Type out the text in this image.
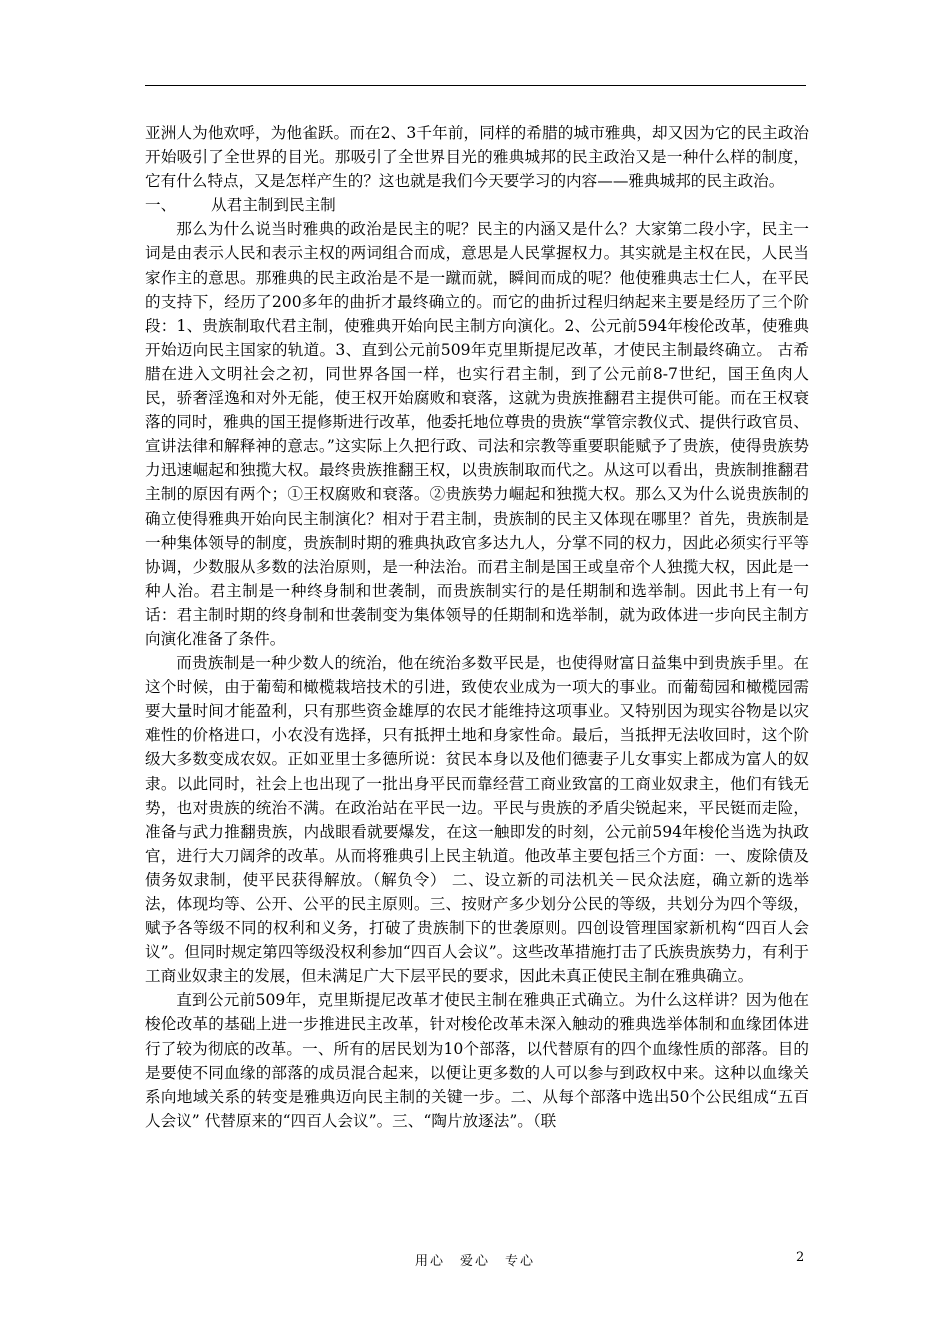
亚洲人为他欢呼，为他雀跃。而在2、3千年前，同样的希腊的城市雅典，却又因为它的民主政治开始吸引了全世界的目光。那吸引了全世界目光的雅典城邦的民主政治又是一种什么样的制度，它有什么特点，又是怎样产生的？这也就是我们今天要学习的内容——雅典城邦的民主政治。

一、 从君主制到民主制

那么为什么说当时雅典的政治是民主的呢？民主的内涵又是什么？大家第二段小字，民主一词是由表示人民和表示主权的两词组合而成，意思是人民掌握权力。其实就是主权在民，人民当家作主的意思。那雅典的民主政治是不是一蹴而就，瞬间而成的呢？他使雅典志士仁人，在平民的支持下，经历了200多年的曲折才最终确立的。而它的曲折过程归纳起来主要是经历了三个阶段：1、贵族制取代君主制，使雅典开始向民主制方向演化。2、公元前594年梭伦改革，使雅典开始迈向民主国家的轨道。3、直到公元前509年克里斯提尼改革，才使民主制最终确立。 古希腊在进入文明社会之初，同世界各国一样，也实行君主制，到了公元前8-7世纪，国王鱼肉人民，骄奢淫逸和对外无能，使王权开始腐败和衰落，这就为贵族推翻君主提供可能。而在王权衰落的同时，雅典的国王提修斯进行改革，他委托地位尊贵的贵族“掌管宗教仪式、提供行政官员、宣讲法律和解释神的意志。”这实际上久把行政、司法和宗教等重要职能赋予了贵族，使得贵族势力迅速崛起和独揽大权。最终贵族推翻王权，以贵族制取而代之。从这可以看出，贵族制推翻君主制的原因有两个；①王权腐败和衰落。②贵族势力崛起和独揽大权。那么又为什么说贵族制的确立使得雅典开始向民主制演化？相对于君主制，贵族制的民主又体现在哪里？首先，贵族制是一种集体领导的制度，贵族制时期的雅典执政官多达九人，分掌不同的权力，因此必须实行平等协调，少数服从多数的法治原则，是一种法治。而君主制是国王或皇帝个人独揽大权，因此是一种人治。君主制是一种终身制和世袭制，而贵族制实行的是任期制和选举制。因此书上有一句话：君主制时期的终身制和世袭制变为集体领导的任期制和选举制，就为政体进一步向民主制方向演化准备了条件。

而贵族制是一种少数人的统治，他在统治多数平民是，也使得财富日益集中到贵族手里。在这个时候，由于葡萄和橄榄栽培技术的引进，致使农业成为一项大的事业。而葡萄园和橄榄园需要大量时间才能盈利，只有那些资金雄厚的农民才能维持这项事业。又特别因为现实谷物是以灾难性的价格进口，小农没有选择，只有抵押土地和身家性命。最后，当抵押无法收回时，这个阶级大多数变成农奴。正如亚里士多德所说：贫民本身以及他们德妻子儿女事实上都成为富人的奴隶。以此同时，社会上也出现了一批出身平民而靠经营工商业致富的工商业奴隶主，他们有钱无势，也对贵族的统治不满。在政治站在平民一边。平民与贵族的矛盾尖锐起来，平民铤而走险，准备与武力推翻贵族，内战眼看就要爆发，在这一触即发的时刻，公元前594年梭伦当选为执政官，进行大刀阔斧的改革。从而将雅典引上民主轨道。他改革主要包括三个方面：一、废除债及债务奴隶制，使平民获得解放。（解负令） 二、设立新的司法机关－民众法庭，确立新的选举法，体现均等、公开、公平的民主原则。三、按财产多少划分公民的等级，共划分为四个等级，赋予各等级不同的权利和义务，打破了贵族制下的世袭原则。四创设管理国家新机构“四百人会议”。但同时规定第四等级没权利参加“四百人会议”。这些改革措施打击了氏族贵族势力，有利于工商业奴隶主的发展，但未满足广大下层平民的要求，因此未真正使民主制在雅典确立。

直到公元前509年，克里斯提尼改革才使民主制在雅典正式确立。为什么这样讲？因为他在梭伦改革的基础上进一步推进民主改革，针对梭伦改革未深入触动的雅典选举体制和血缘团体进行了较为彻底的改革。一、所有的居民划为10个部落，以代替原有的四个血缘性质的部落。目的是要使不同血缘的部落的成员混合起来，以便让更多数的人可以参与到政权中来。这种以血缘关系向地域关系的转变是雅典迈向民主制的关键一步。二、从每个部落中选出50个公民组成“五百人会议” 代替原来的“四百人会议”。三、“陶片放逐法”。（联

用心　爱心　专心	2
